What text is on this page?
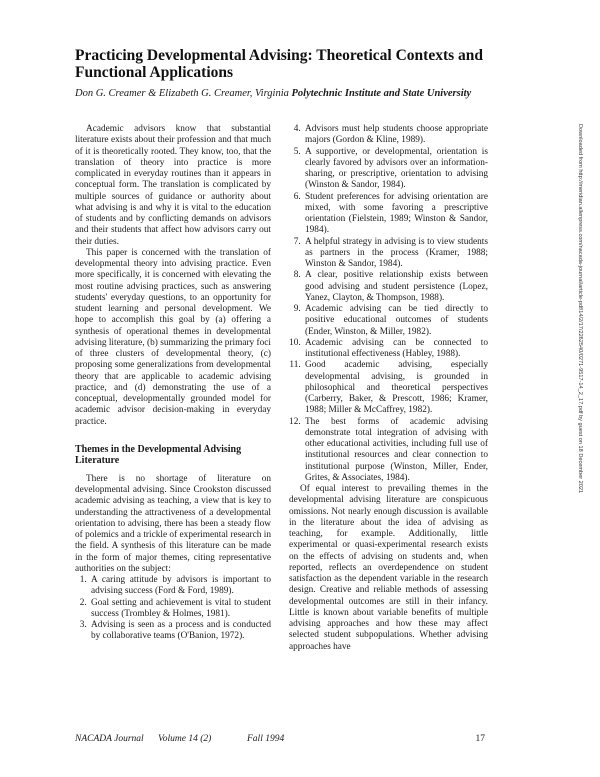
Practicing Developmental Advising: Theoretical Contexts and Functional Applications
Don G. Creamer & Elizabeth G. Creamer, Virginia Polytechnic Institute and State University

Academic advisors know that substantial literature exists about their profession and that much of it is theoretically rooted. They know, too, that the translation of theory into practice is more complicated in everyday routines than it appears in conceptual form. The translation is complicated by multiple sources of guidance or authority about what advising is and why it is vital to the education of students and by conflicting demands on advisors and their students that affect how advisors carry out their duties.

This paper is concerned with the translation of developmental theory into advising practice. Even more specifically, it is concerned with elevating the most routine advising practices, such as answering students' everyday questions, to an opportunity for student learning and personal development. We hope to accomplish this goal by (a) offering a synthesis of operational themes in developmental advising literature, (b) summarizing the primary foci of three clusters of developmental theory, (c) proposing some generalizations from developmental theory that are applicable to academic advising practice, and (d) demonstrating the use of a conceptual, developmentally grounded model for academic advisor decision-making in everyday practice.

Themes in the Developmental Advising Literature

There is no shortage of literature on developmental advising. Since Crookston discussed academic advising as teaching, a view that is key to understanding the attractiveness of a developmental orientation to advising, there has been a steady flow of polemics and a trickle of experimental research in the field. A synthesis of this literature can be made in the form of major themes, citing representative authorities on the subject:

1. A caring attitude by advisors is important to advising success (Ford & Ford, 1989).
2. Goal setting and achievement is vital to student success (Trombley & Holmes, 1981).
3. Advising is seen as a process and is conducted by collaborative teams (O'Banion, 1972).
4. Advisors must help students choose appropriate majors (Gordon & Kline, 1989).
5. A supportive, or developmental, orientation is clearly favored by advisors over an information-sharing, or prescriptive, orientation to advising (Winston & Sandor, 1984).
6. Student preferences for advising orientation are mixed, with some favoring a prescriptive orientation (Fielstein, 1989; Winston & Sandor, 1984).
7. A helpful strategy in advising is to view students as partners in the process (Kramer, 1988; Winston & Sandor, 1984).
8. A clear, positive relationship exists between good advising and student persistence (Lopez, Yanez, Clayton, & Thompson, 1988).
9. Academic advising can be tied directly to positive educational outcomes of students (Ender, Winston, & Miller, 1982).
10. Academic advising can be connected to institutional effectiveness (Habley, 1988).
11. Good academic advising, especially developmental advising, is grounded in philosophical and theoretical perspectives (Carberry, Baker, & Prescott, 1986; Kramer, 1988; Miller & McCaffrey, 1982).
12. The best forms of academic advising demonstrate total integration of advising with other educational activities, including full use of institutional resources and clear connection to institutional purpose (Winston, Miller, Ender, Grites, & Associates, 1984).

Of equal interest to prevailing themes in the developmental advising literature are conspicuous omissions. Not nearly enough discussion is available in the literature about the idea of advising as teaching, for example. Additionally, little experimental or quasi-experimental research exists on the effects of advising on students and, when reported, reflects an overdependence on student satisfaction as the dependent variable in the research design. Creative and reliable methods of assessing developmental outcomes are still in their infancy. Little is known about variable benefits of multiple advising approaches and how these may affect selected student subpopulations. Whether advising approaches have

NACADA Journal Volume 14 (2)	Fall 1994	17
Downloaded from http://meridian.allenpress.com/nacada-journal/article-pdf/14/2/17/2262540/0271-9517-14_2_17.pdf by guest on 18 December 2021
